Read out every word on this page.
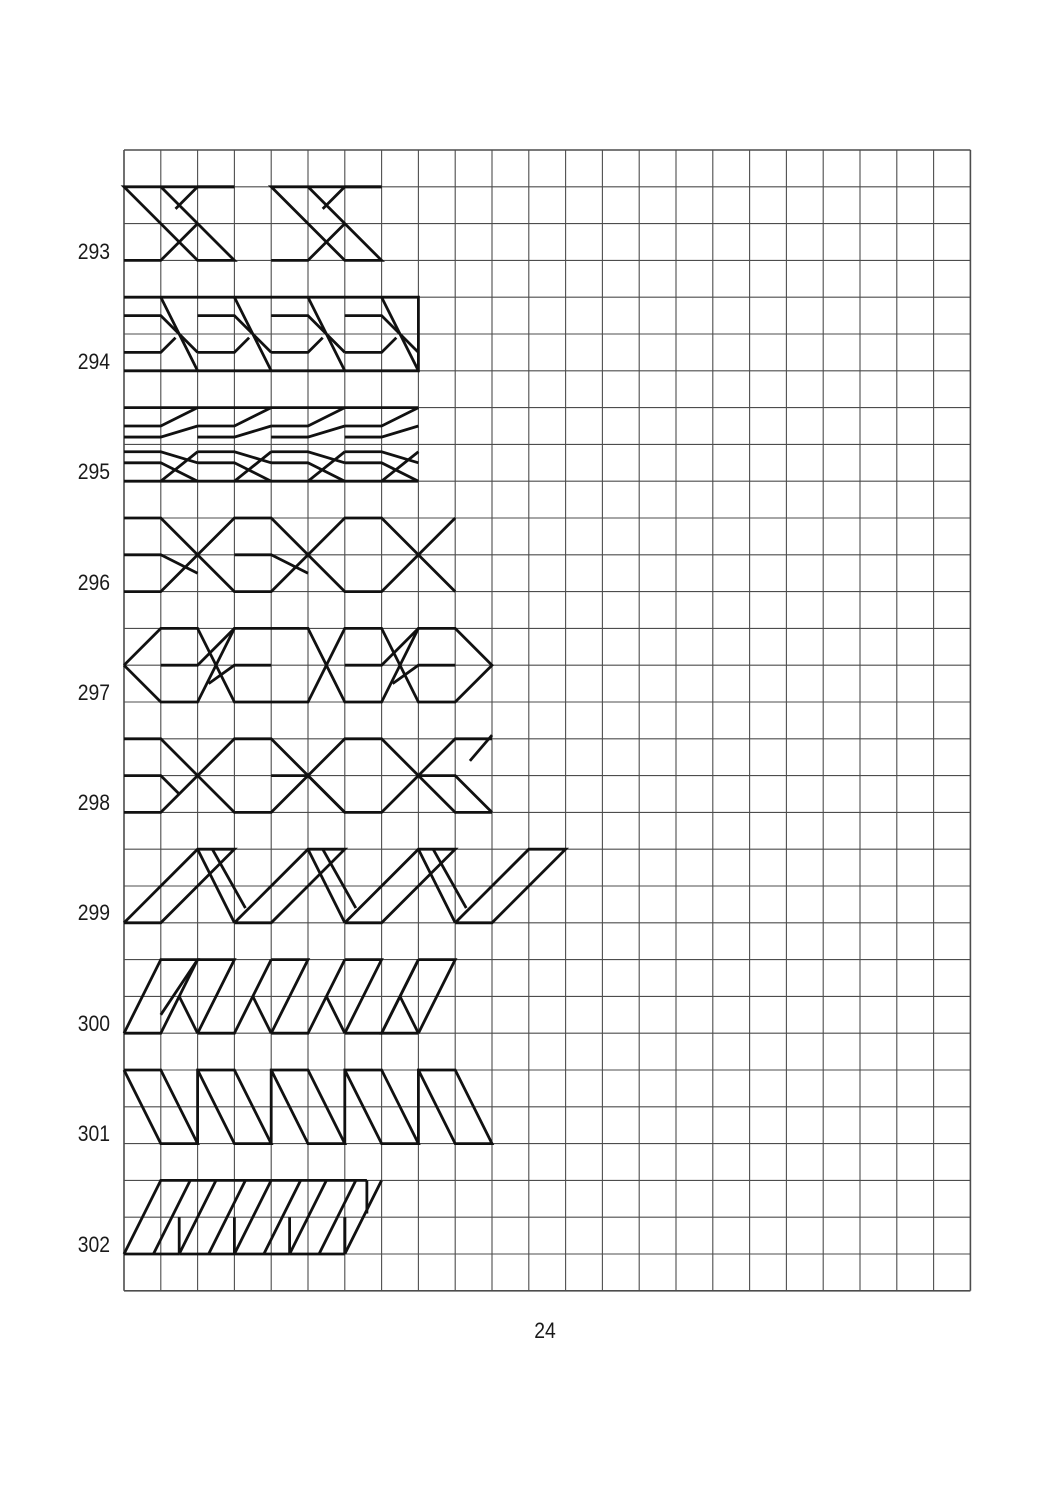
293
294
295
296
297
298
299
300
301
302
24
